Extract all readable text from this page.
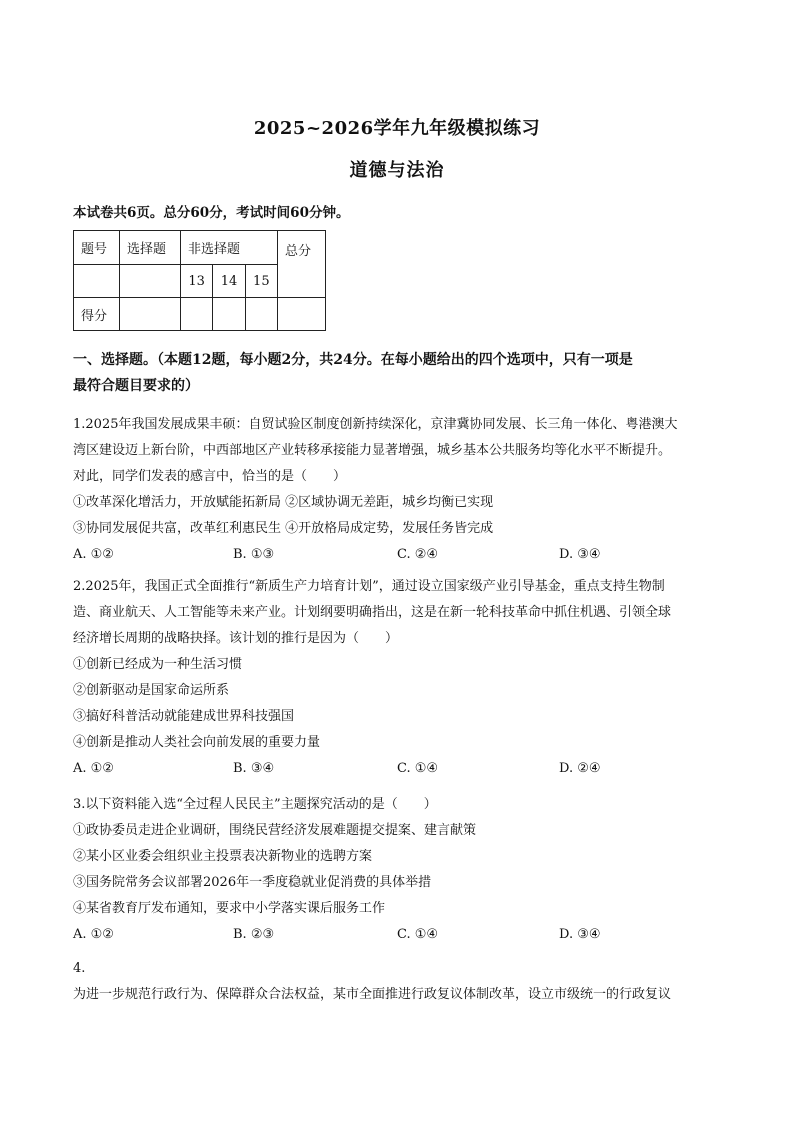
2025~2026学年九年级模拟练习
道德与法治
本试卷共6页。总分60分，考试时间60分钟。
题号	选择题	非选择题			总分
		13	14	15	
得分					
一、选择题。（本题12题，每小题2分，共24分。在每小题给出的四个选项中，只有一项是
最符合题目要求的）
1.2025年我国发展成果丰硕：自贸试验区制度创新持续深化，京津冀协同发展、长三角一体化、粤港澳大
湾区建设迈上新台阶，中西部地区产业转移承接能力显著增强，城乡基本公共服务均等化水平不断提升。
对此，同学们发表的感言中，恰当的是（　　）
①改革深化增活力，开放赋能拓新局 ②区域协调无差距，城乡均衡已实现
③协同发展促共富，改革红利惠民生 ④开放格局成定势，发展任务皆完成
A. ①②	B. ①③	C. ②④	D. ③④
2.2025年，我国正式全面推行“新质生产力培育计划”，通过设立国家级产业引导基金，重点支持生物制
造、商业航天、人工智能等未来产业。计划纲要明确指出，这是在新一轮科技革命中抓住机遇、引领全球
经济增长周期的战略抉择。该计划的推行是因为（　　）
①创新已经成为一种生活习惯
②创新驱动是国家命运所系
③搞好科普活动就能建成世界科技强国
④创新是推动人类社会向前发展的重要力量
A. ①②	B. ③④	C. ①④	D. ②④
3.以下资料能入选“全过程人民民主”主题探究活动的是（　　）
①政协委员走进企业调研，围绕民营经济发展难题提交提案、建言献策
②某小区业委会组织业主投票表决新物业的选聘方案
③国务院常务会议部署2026年一季度稳就业促消费的具体举措
④某省教育厅发布通知，要求中小学落实课后服务工作
A. ①②	B. ②③	C. ①④	D. ③④
4.
为进一步规范行政行为、保障群众合法权益，某市全面推进行政复议体制改革，设立市级统一的行政复议
